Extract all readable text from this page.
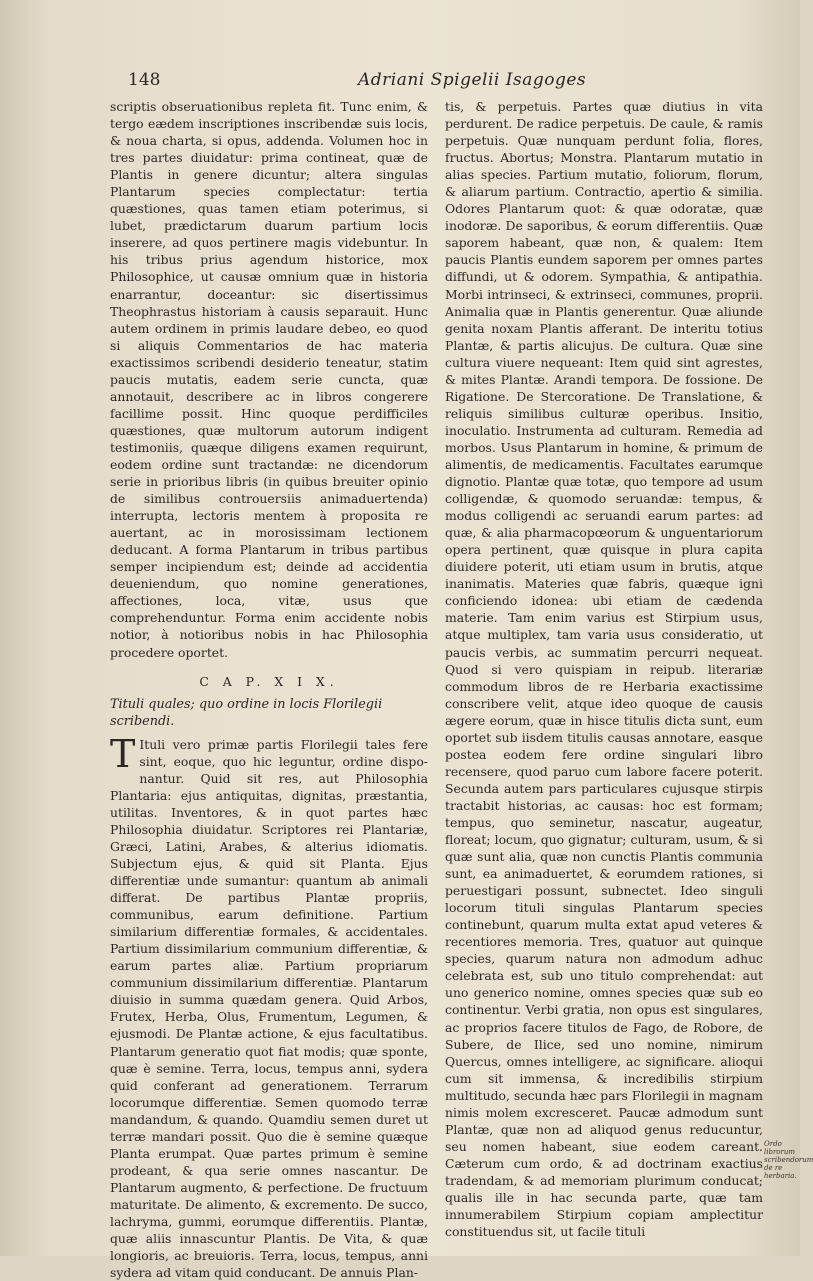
148	Adriani Spigelii Isagoges

scriptis obseruationibus repleta fit. Tunc enim, & tergo eædem inscriptiones inscribendæ suis locis, & noua charta, si opus, addenda. Volumen hoc in tres partes diuidatur: prima contineat, quæ de Plantis in genere dicuntur; altera singulas Plantarum species complectatur: tertia quæstiones, quas tamen etiam poterimus, si lubet, prædictarum duarum partium locis inserere, ad quos pertinere magis videbuntur. In his tribus prius agendum historice, mox Philosophice, ut causæ omnium quæ in historia enarrantur, doceantur: sic disertissimus Theophrastus historiam à causis separauit. Hunc autem ordinem in primis laudare debeo, eo quod si aliquis Commentarios de hac materia exactissimos scribendi desiderio teneatur, statim paucis mutatis, eadem serie cuncta, quæ annotauit, describere ac in libros congerere facillime possit. Hinc quoque perdifficiles quæstiones, quæ multorum autorum indigent testimoniis, quæque diligens examen requirunt, eodem ordine sunt tractandæ: ne dicendorum serie in prioribus libris (in quibus breuiter opinio de similibus controuersiis animaduertenda) interrupta, lectoris mentem à proposita re auertant, ac in morosissimam lectionem deducant. A forma Plantarum in tribus partibus semper incipiendum est; deinde ad accidentia deueniendum, quo nomine generationes, affectiones, loca, vitæ, usus que comprehenduntur. Forma enim accidente nobis notior, à notioribus nobis in hac Philosophia procedere oportet.

C A P. X I X.
Tituli quales; quo ordine in locis Florilegii scribendi.

T Ituli vero primæ partis Florilegii tales fere sint, eoque, quo hic leguntur, ordine dispo-nantur. Quid sit res, aut Philosophia Plantaria: ejus antiquitas, dignitas, præstantia, utilitas. Inventores, & in quot partes hæc Philosophia diuidatur. Scriptores rei Plantariæ, Græci, Latini, Arabes, & alterius idiomatis. Subjectum ejus, & quid sit Planta. Ejus differentiæ unde sumantur: quantum ab animali differat. De partibus Plantæ propriis, communibus, earum definitione. Partium similarium differentiæ formales, & accidentales. Partium dissimilarium communium differentiæ, & earum partes aliæ. Partium propriarum communium dissimilarium differentiæ. Plantarum diuisio in summa quædam genera. Quid Arbos, Frutex, Herba, Olus, Frumentum, Legumen, & ejusmodi. De Plantæ actione, & ejus facultatibus. Plantarum generatio quot fiat modis; quæ sponte, quæ è semine. Terra, locus, tempus anni, sydera quid conferant ad generationem. Terrarum locorumque differentiæ. Semen quomodo terræ mandandum, & quando. Quamdiu semen duret ut terræ mandari possit. Quo die è semine quæque Planta erumpat. Quæ partes primum è semine prodeant, & qua serie omnes nascantur. De Plantarum augmento, & perfectione. De fructuum maturitate. De alimento, & excremento. De succo, lachryma, gummi, eorumque differentiis. Plantæ, quæ aliis innascuntur Plantis. De Vita, & quæ longioris, ac breuioris. Terra, locus, tempus, anni sydera ad vitam quid conducant. De annuis Plan-

tis, & perpetuis. Partes quæ diutius in vita perdurent. De radice perpetuis. De caule, & ramis perpetuis. Quæ nunquam perdunt folia, flores, fructus. Abortus; Monstra. Plantarum mutatio in alias species. Partium mutatio, foliorum, florum, & aliarum partium. Contractio, apertio & similia. Odores Plantarum quot: & quæ odoratæ, quæ inodoræ. De saporibus, & eorum differentiis. Quæ saporem habeant, quæ non, & qualem: Item paucis Plantis eundem saporem per omnes partes diffundi, ut & odorem. Sympathia, & antipathia. Morbi intrinseci, & extrinseci, communes, proprii. Animalia quæ in Plantis generentur. Quæ aliunde genita noxam Plantis afferant. De interitu totius Plantæ, & partis alicujus. De cultura. Quæ sine cultura viuere nequeant: Item quid sint agrestes, & mites Plantæ. Arandi tempora. De fossione. De Rigatione. De Stercoratione. De Translatione, & reliquis similibus culturæ operibus. Insitio, inoculatio. Instrumenta ad culturam. Remedia ad morbos. Usus Plantarum in homine, & primum de alimentis, de medicamentis. Facultates earumque dignotio. Plantæ quæ totæ, quo tempore ad usum colligendæ, & quomodo seruandæ: tempus, & modus colligendi ac seruandi earum partes: ad quæ, & alia pharmacopœorum & unguentariorum opera pertinent, quæ quisque in plura capita diuidere poterit, uti etiam usum in brutis, atque inanimatis. Materies quæ fabris, quæque igni conficiendo idonea: ubi etiam de cædenda materie. Tam enim varius est Stirpium usus, atque multiplex, tam varia usus consideratio, ut paucis verbis, ac summatim percurri nequeat. Quod si vero quispiam in reipub. literariæ commodum libros de re Herbaria exactissime conscribere velit, atque ideo quoque de causis ægere eorum, quæ in hisce titulis dicta sunt, eum oportet sub iisdem titulis causas annotare, easque postea eodem fere ordine singulari libro recensere, quod paruo cum labore facere poterit. Secunda autem pars particulares cujusque stirpis tractabit historias, ac causas: hoc est formam; tempus, quo seminetur, nascatur, augeatur, floreat; locum, quo gignatur; culturam, usum, & si quæ sunt alia, quæ non cunctis Plantis communia sunt, ea animaduertet, & eorumdem rationes, si peruestigari possunt, subnectet. Ideo singuli locorum tituli singulas Plantarum species continebunt, quarum multa extat apud veteres & recentiores memoria. Tres, quatuor aut quinque species, quarum natura non admodum adhuc celebrata est, sub uno titulo comprehendat: aut uno generico nomine, omnes species quæ sub eo continentur. Verbi gratia, non opus est singulares, ac proprios facere titulos de Fago, de Robore, de Subere, de Ilice, sed uno nomine, nimirum Quercus, omnes intelligere, ac significare. alioqui cum sit immensa, & incredibilis stirpium multitudo, secunda hæc pars Florilegii in magnam nimis molem excresceret. Paucæ admodum sunt Plantæ, quæ non ad aliquod genus reducuntur, seu nomen habeant, siue eodem careant. Cæterum cum ordo, & ad doctrinam exactius tradendam, & ad memoriam plurimum conducat; qualis ille in hac secunda parte, quæ tam innumerabilem Stirpium copiam amplectitur constituendus sit, ut facile tituli

Ordo librorum scribendorum de re herbaria.
